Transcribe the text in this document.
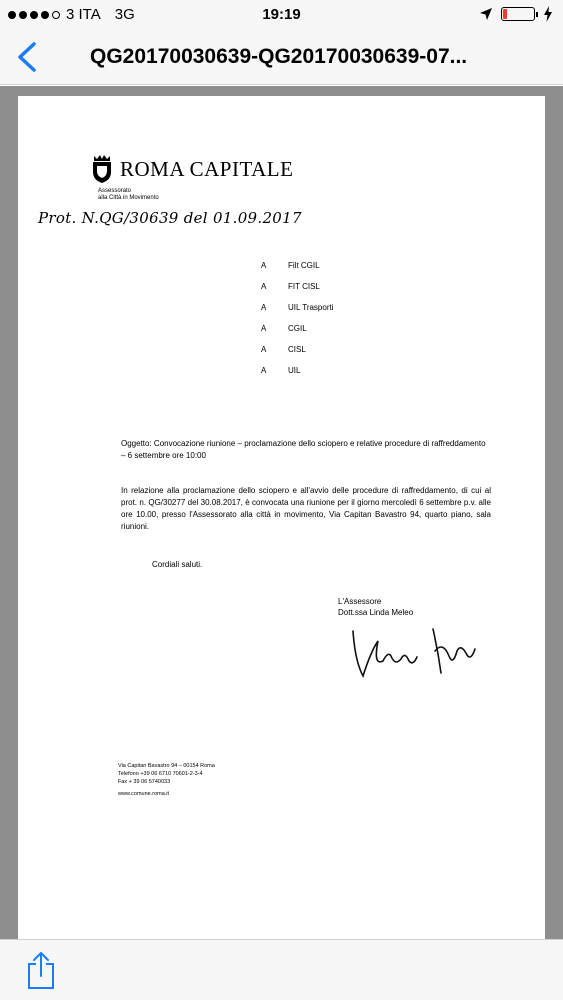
3 ITA 3G	19:19
QG20170030639-QG20170030639-07...
ROMA CAPITALE
Assessorato
alla Città in Movimento
Prot. N.QG/30639 del 01.09.2017
A	Filt CGIL
A	FIT CISL
A	UIL Trasporti
A	CGIL
A	CISL
A	UIL
Oggetto: Convocazione riunione – proclamazione dello sciopero e relative procedure di raffreddamento – 6 settembre ore 10:00
In relazione alla proclamazione dello sciopero e all'avvio delle procedure di raffreddamento, di cui al prot. n. QG/30277 del 30.08.2017, è convocata una riunione per il giorno mercoledì 6 settembre p.v. alle ore 10.00, presso l'Assessorato alla città in movimento, Via Capitan Bavastro 94, quarto piano, sala riunioni.
Cordiali saluti.
L'Assessore
Dott.ssa Linda Meleo
Via Capitan Bavastro 94 – 00154 Roma
Telefono +39 06 6710 70601-2-3-4
Fax + 39 06 5740033
www.comune.roma.it
